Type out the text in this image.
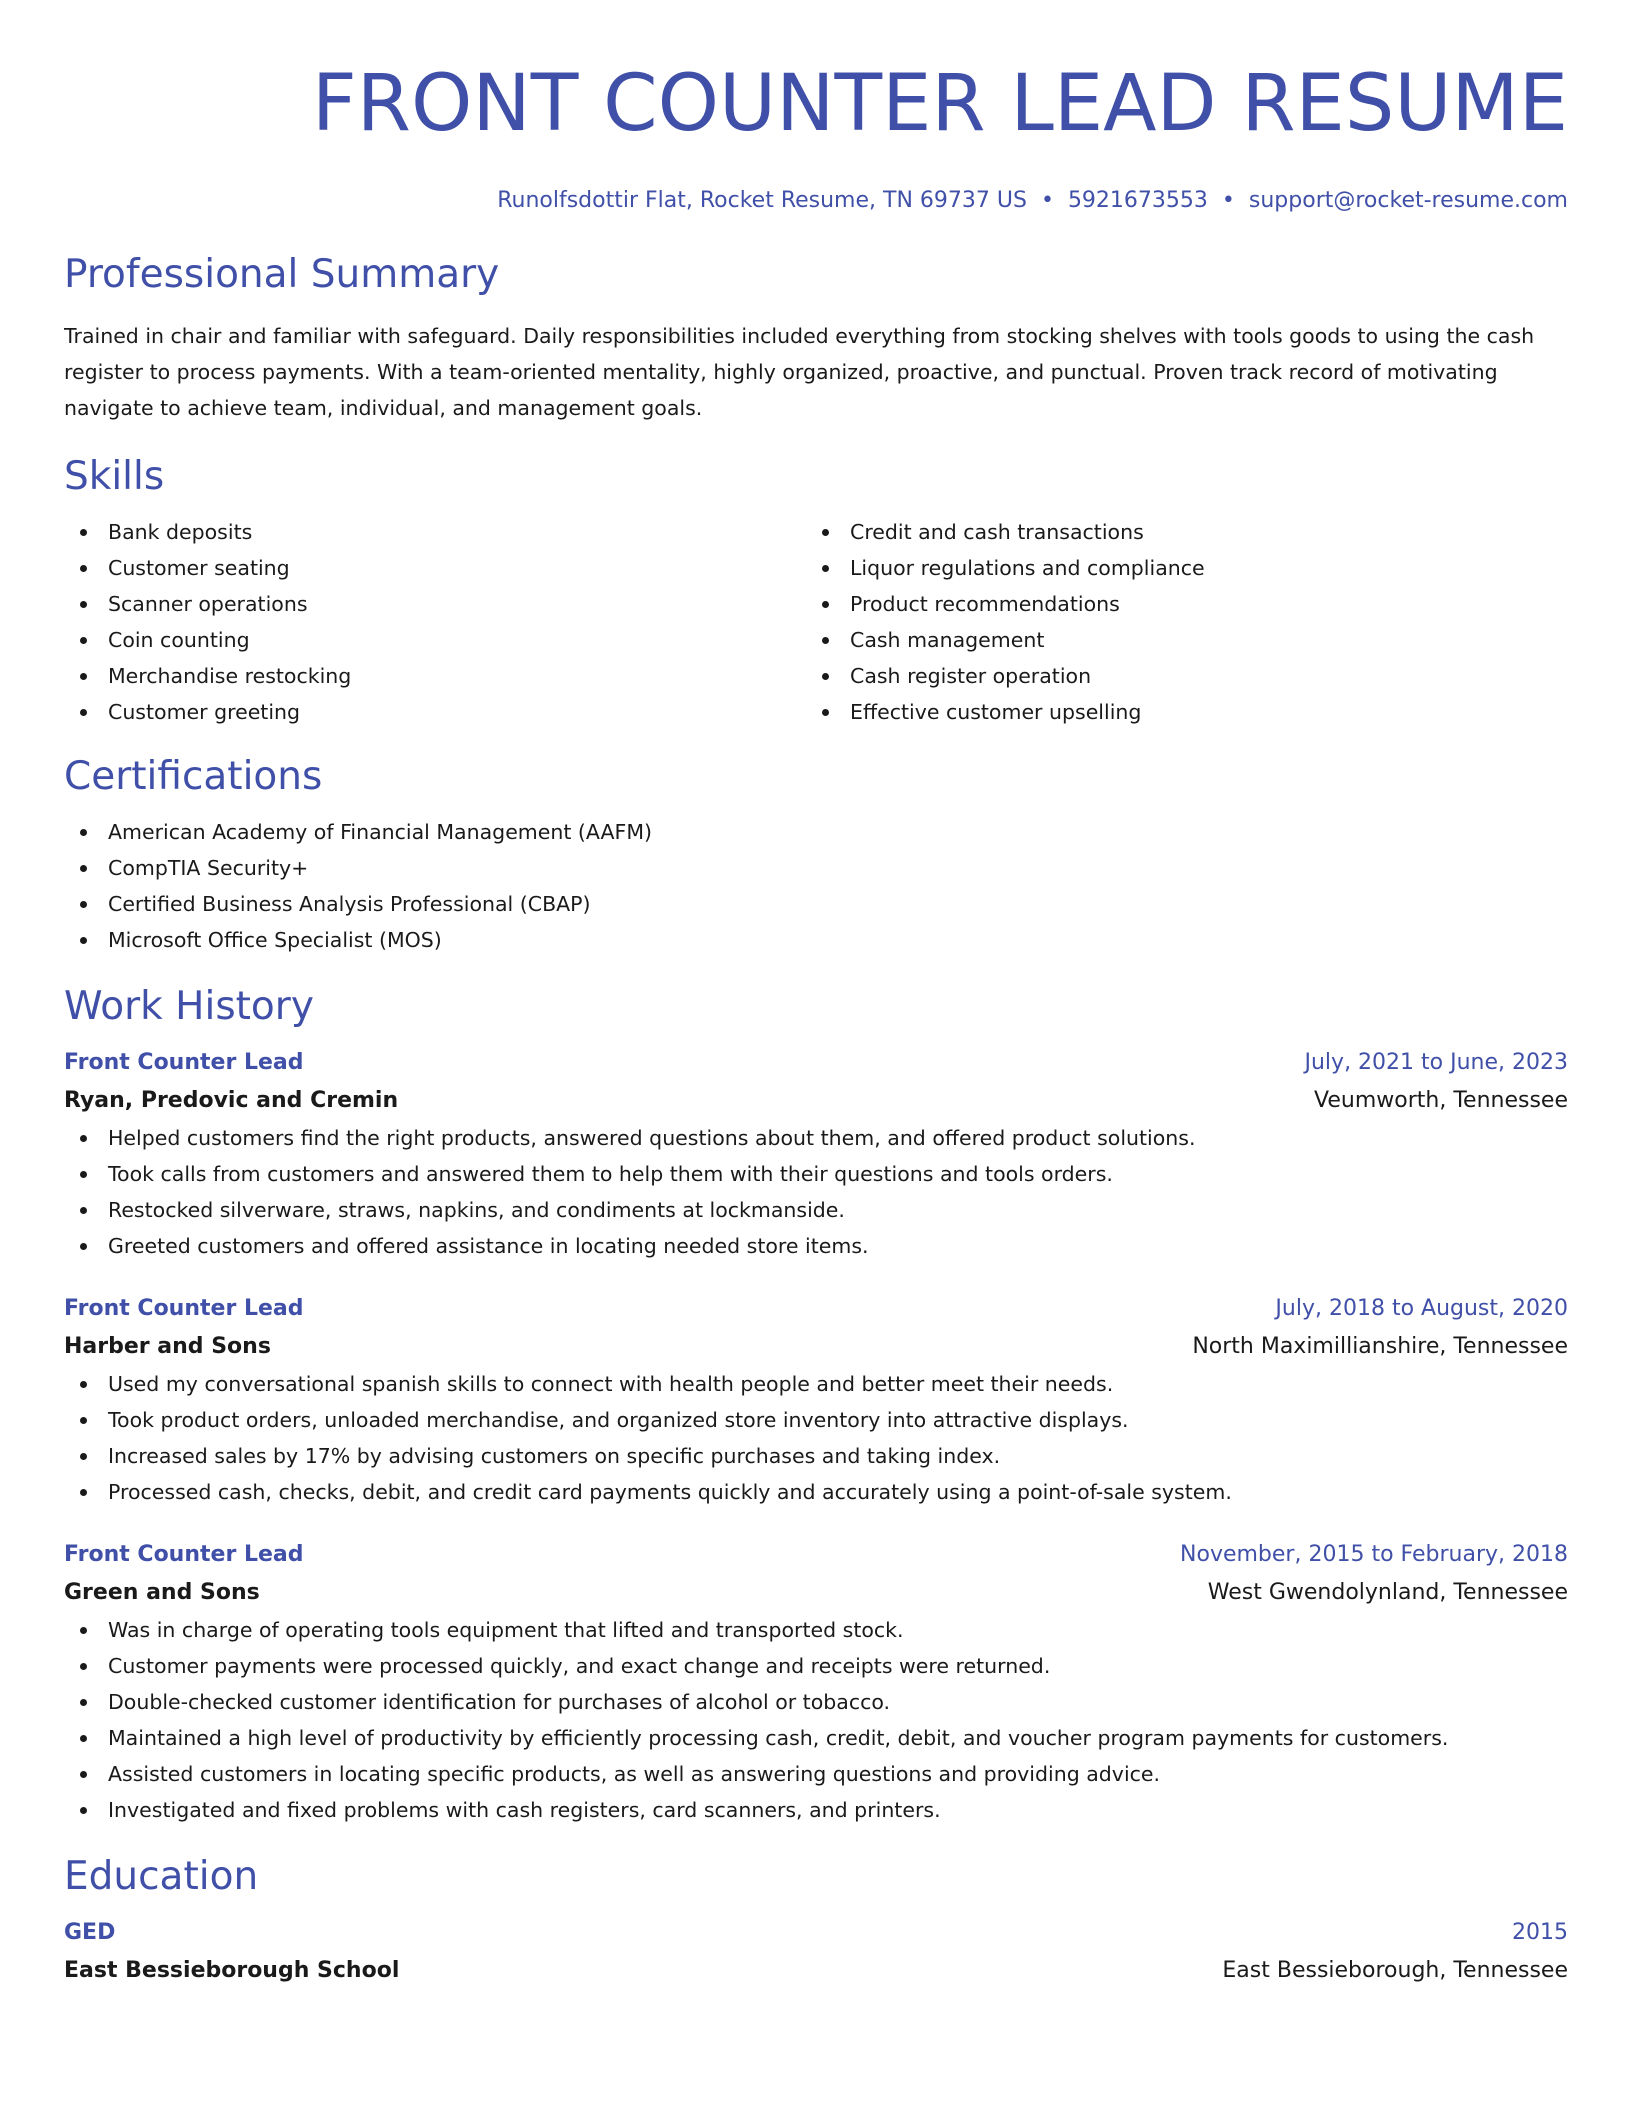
FRONT COUNTER LEAD RESUME
Runolfsdottir Flat, Rocket Resume, TN 69737 US • 5921673553 • support@rocket-resume.com
Professional Summary

Trained in chair and familiar with safeguard. Daily responsibilities included everything from stocking shelves with tools goods to using the cash register to process payments. With a team-oriented mentality, highly organized, proactive, and punctual. Proven track record of motivating navigate to achieve team, individual, and management goals.

Skills
Bank deposits
Customer seating
Scanner operations
Coin counting
Merchandise restocking
Customer greeting
Credit and cash transactions
Liquor regulations and compliance
Product recommendations
Cash management
Cash register operation
Effective customer upselling
Certifications
American Academy of Financial Management (AAFM)
CompTIA Security+
Certified Business Analysis Professional (CBAP)
Microsoft Office Specialist (MOS)
Work History
Front Counter Lead	July, 2021 to June, 2023
Ryan, Predovic and Cremin	Veumworth, Tennessee
Helped customers find the right products, answered questions about them, and offered product solutions.
Took calls from customers and answered them to help them with their questions and tools orders.
Restocked silverware, straws, napkins, and condiments at lockmanside.
Greeted customers and offered assistance in locating needed store items.
Front Counter Lead	July, 2018 to August, 2020
Harber and Sons	North Maximillianshire, Tennessee
Used my conversational spanish skills to connect with health people and better meet their needs.
Took product orders, unloaded merchandise, and organized store inventory into attractive displays.
Increased sales by 17% by advising customers on specific purchases and taking index.
Processed cash, checks, debit, and credit card payments quickly and accurately using a point-of-sale system.
Front Counter Lead	November, 2015 to February, 2018
Green and Sons	West Gwendolynland, Tennessee
Was in charge of operating tools equipment that lifted and transported stock.
Customer payments were processed quickly, and exact change and receipts were returned.
Double-checked customer identification for purchases of alcohol or tobacco.
Maintained a high level of productivity by efficiently processing cash, credit, debit, and voucher program payments for customers.
Assisted customers in locating specific products, as well as answering questions and providing advice.
Investigated and fixed problems with cash registers, card scanners, and printers.
Education
GED	2015
East Bessieborough School	East Bessieborough, Tennessee
